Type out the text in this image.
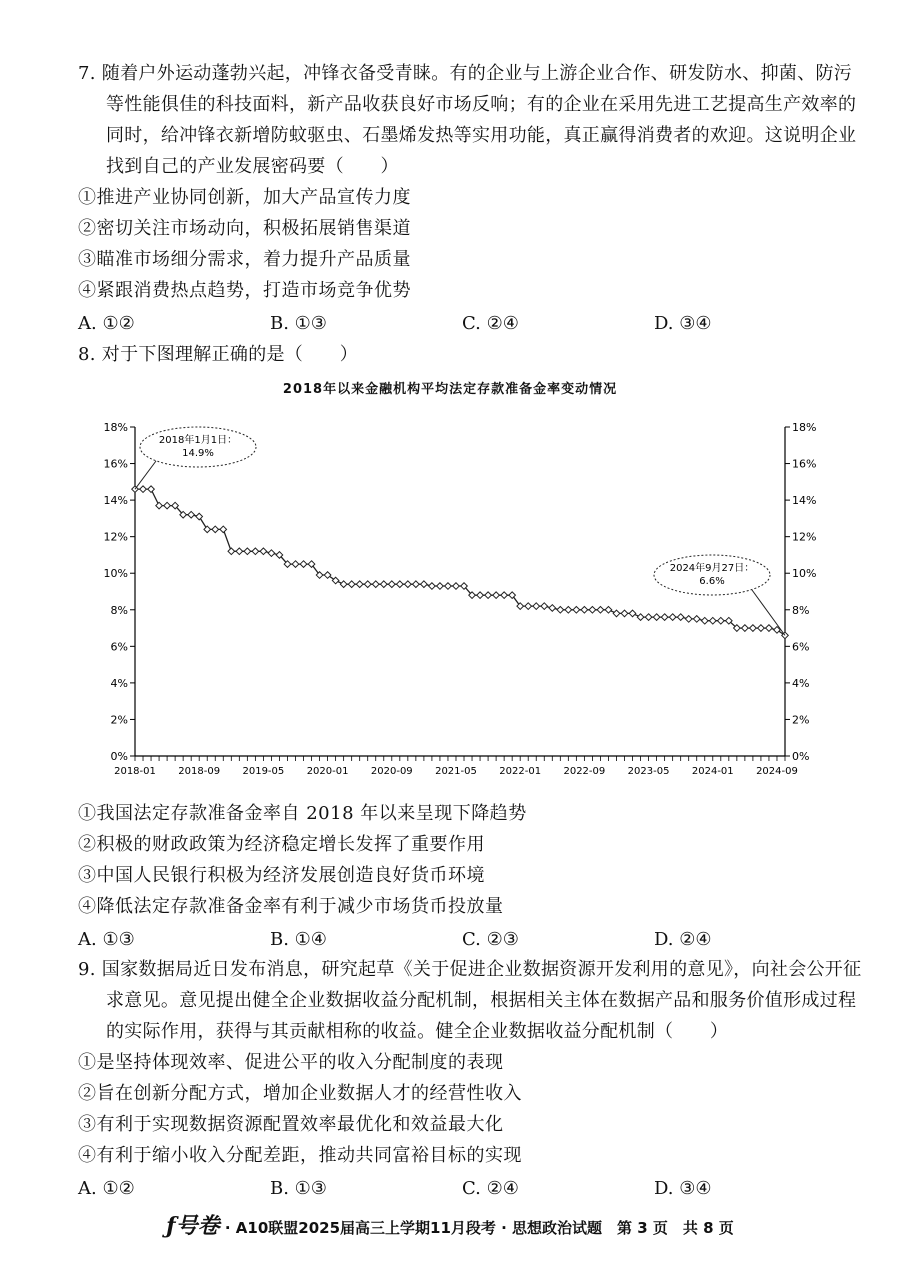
7. 随着户外运动蓬勃兴起，冲锋衣备受青睐。有的企业与上游企业合作、研发防水、抑菌、防污等性能俱佳的科技面料，新产品收获良好市场反响；有的企业在采用先进工艺提高生产效率的同时，给冲锋衣新增防蚊驱虫、石墨烯发热等实用功能，真正赢得消费者的欢迎。这说明企业找到自己的产业发展密码要（　　）

①推进产业协同创新，加大产品宣传力度

②密切关注市场动向，积极拓展销售渠道

③瞄准市场细分需求，着力提升产品质量

④紧跟消费热点趋势，打造市场竞争优势

A. ①②	B. ①③	C. ②④	D. ③④

8. 对于下图理解正确的是（　　）

2018年以来金融机构平均法定存款准备金率变动情况
0%	0%
2%	2%
4%	4%
6%	6%
8%	8%
10%	10%
12%	12%
14%	14%
16%	16%
18%	18%
2018-01 2018-09 2019-05 2020-01 2020-09 2021-05 2022-01 2022-09 2023-05 2024-01 2024-09
2018年1月1日：
14.9%
2024年9月27日：
6.6%

①我国法定存款准备金率自 2018 年以来呈现下降趋势

②积极的财政政策为经济稳定增长发挥了重要作用

③中国人民银行积极为经济发展创造良好货币环境

④降低法定存款准备金率有利于减少市场货币投放量

A. ①③	B. ①④	C. ②③	D. ②④

9. 国家数据局近日发布消息，研究起草《关于促进企业数据资源开发利用的意见》，向社会公开征求意见。意见提出健全企业数据收益分配机制，根据相关主体在数据产品和服务价值形成过程的实际作用，获得与其贡献相称的收益。健全企业数据收益分配机制（　　）

①是坚持体现效率、促进公平的收入分配制度的表现

②旨在创新分配方式，增加企业数据人才的经营性收入

③有利于实现数据资源配置效率最优化和效益最大化

④有利于缩小收入分配差距，推动共同富裕目标的实现

A. ①②	B. ①③	C. ②④	D. ③④
ƒ号卷 · A10联盟2025届高三上学期11月段考 · 思想政治试题　第 3 页　共 8 页
